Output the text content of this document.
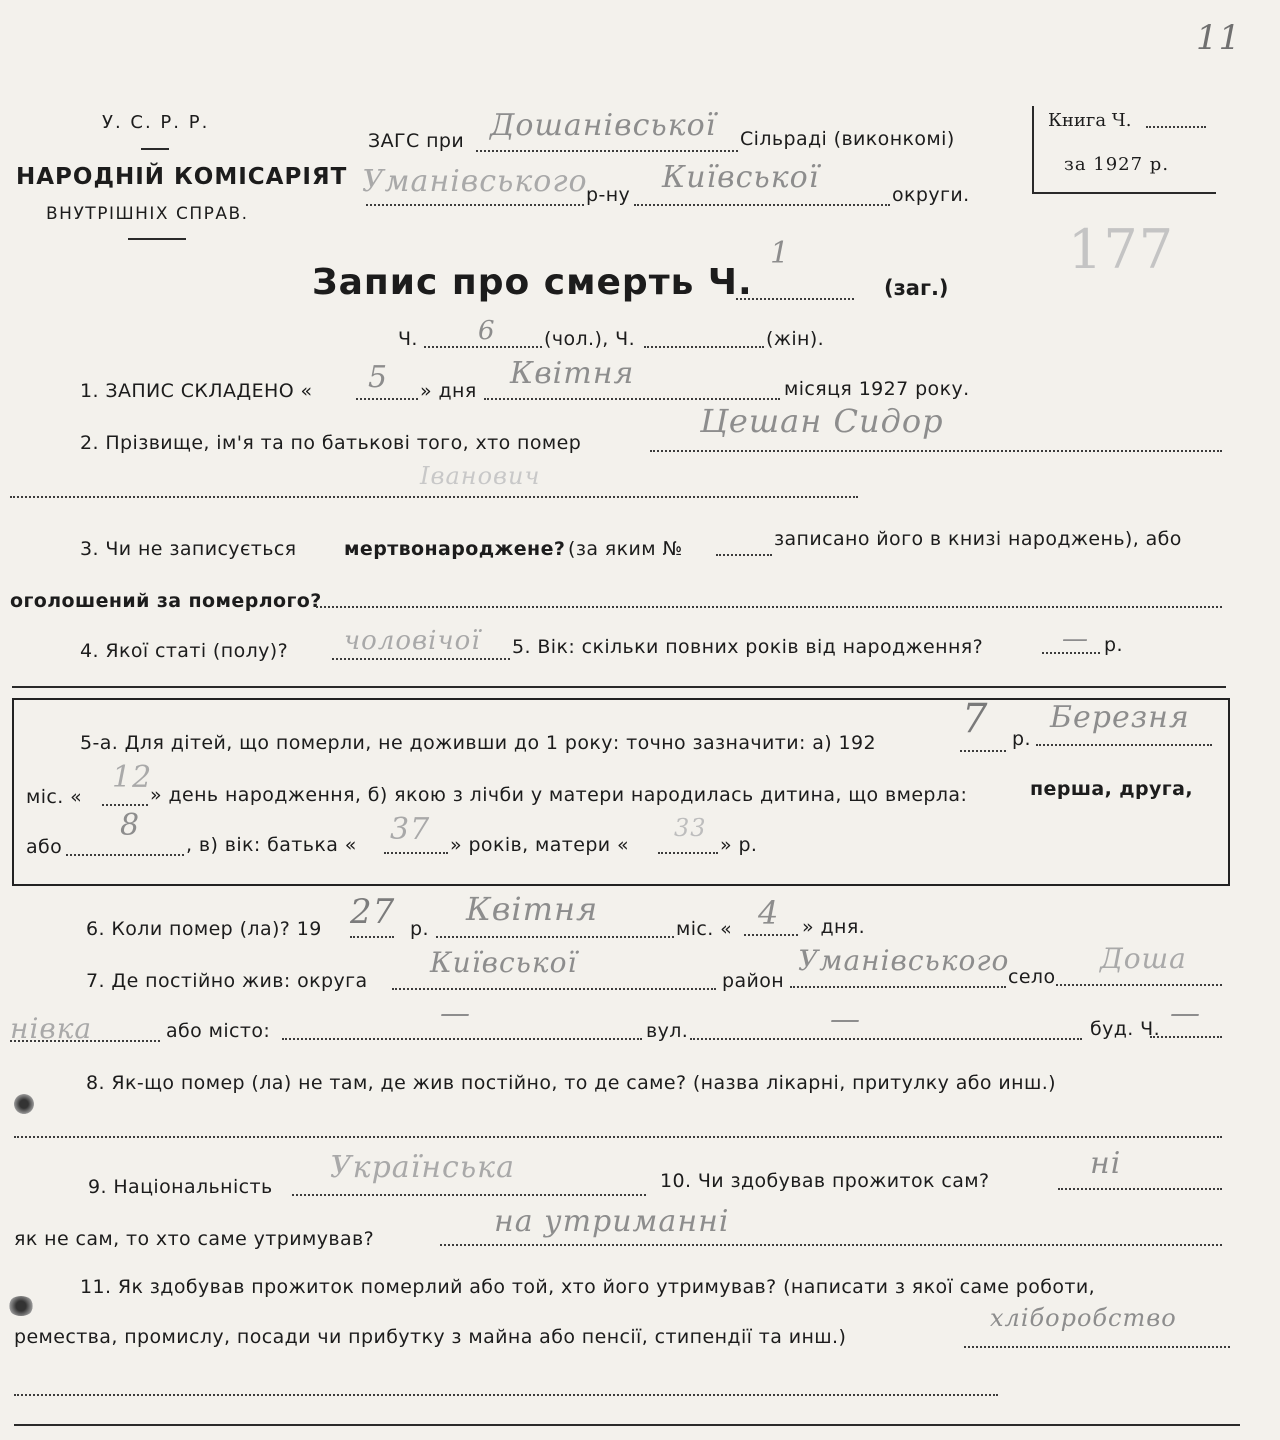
У. С. Р. Р.
НАРОДНІЙ КОМІСАРІЯТ
ВНУТРІШНІХ СПРАВ.
ЗАГС при Дошанівської Сільраді (виконкомі)
Уманівського
р-ну Київської	округи.
Книга Ч.
за 1927 р.
11
177
Запис про смерть Ч.
1
(заг.)
Ч. 6	(чол.), Ч.	(жін).
1. ЗАПИС СКЛАДЕНО « 5 » дня Квітня	місяця 1927 року.
2. Прізвище, ім'я та по батькові того, хто помер
Цешан Сидор
Іванович
3. Чи не записується мертвонароджене? (за яким №	записано його в книзі народжень), або
оголошений за померлого?
4. Якої статі (полу)? чоловічої 5. Вік: скільки повних років від народження?	— р.
5-а. Для дітей, що померли, не доживши до 1 року: точно зазначити: а) 192
7 р.
Березня
міс. «
12
» день народження, б) якою з лічби у матери народилась дитина, що вмерла:	перша, друга,
або
8
, в) вік: батька « 37 » років, матери «
33
» р.
6. Коли помер (ла)? 19 27 р.
Квітня
міс. « 4 » дня.
7. Де постійно жив: округа
Київської
район
Уманівського
село
Доша
нівка	або місто:	—	вул.	—	буд. Ч. —
8. Як-що помер (ла) не там, де жив постійно, то де саме? (назва лікарні, притулку або инш.)
9. Національність
Українська	10. Чи здобував прожиток сам?	ні
як не сам, то хто саме утримував?	на утриманні
11. Як здобував прожиток померлий або той, хто його утримував? (написати з якої саме роботи,
ремества, промислу, посади чи прибутку з майна або пенсії, стипендії та инш.)
хліборобство
